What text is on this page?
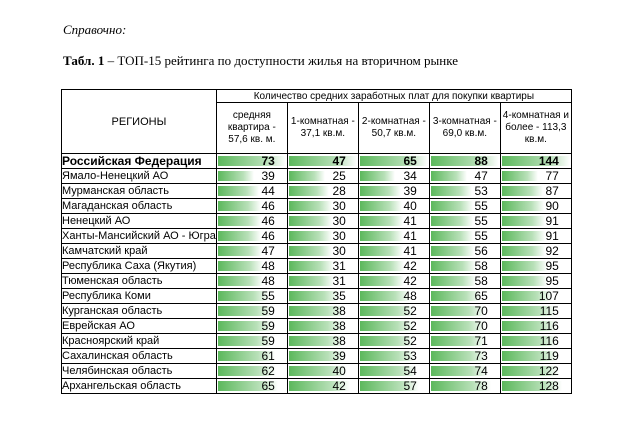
Справочно:
Табл. 1 – ТОП-15 рейтинга по доступности жилья на вторичном рынке
РЕГИОНЫ	Количество средних заработных плат для покупки квартиры				
	средняя квартира - 57,6 кв. м.	1-комнатная - 37,1 кв.м.	2-комнатная - 50,7 кв.м.	3-комнатная - 69,0 кв.м.	4-комнатная и более - 113,3 кв.м.
Российская Федерация	73	47	65	88	144

Ямало-Ненецкий АО	39	25	34	47	77

Мурманская область	44	28	39	53	87

Магаданская область	46	30	40	55	90

Ненецкий АО	46	30	41	55	91

Ханты-Мансийский АО - Югра	46	30	41	55	91

Камчатский край	47	30	41	56	92

Республика Саха (Якутия)	48	31	42	58	95

Тюменская область	48	31	42	58	95

Республика Коми	55	35	48	65	107

Курганская область	59	38	52	70	115

Еврейская АО	59	38	52	70	116

Красноярский край	59	38	52	71	116

Сахалинская область	61	39	53	73	119

Челябинская область	62	40	54	74	122

Архангельская область	65	42	57	78	128
